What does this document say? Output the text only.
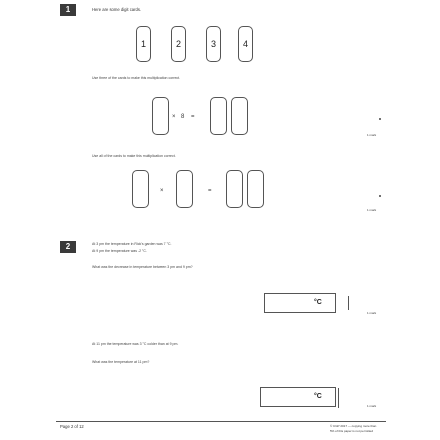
1	Here are some digit cards.
1	2	3	4
Use three of the cards to make this multiplication correct.
× 8 =
1 mark
Use all of the cards to make this multiplication correct.
×	=
1 mark
2	At 3 pm the temperature in Rick's garden was 7 °C.
At 9 pm the temperature was -2 °C.
What was the decrease in temperature between 3 pm and 9 pm?
°C
1 mark
At 11 pm the temperature was 3 °C colder than at 9 pm.
What was the temperature at 11 pm?
°C
1 mark
Page 2 of 12	© CGP 2017 — copying more than
5% of this paper is not permitted
